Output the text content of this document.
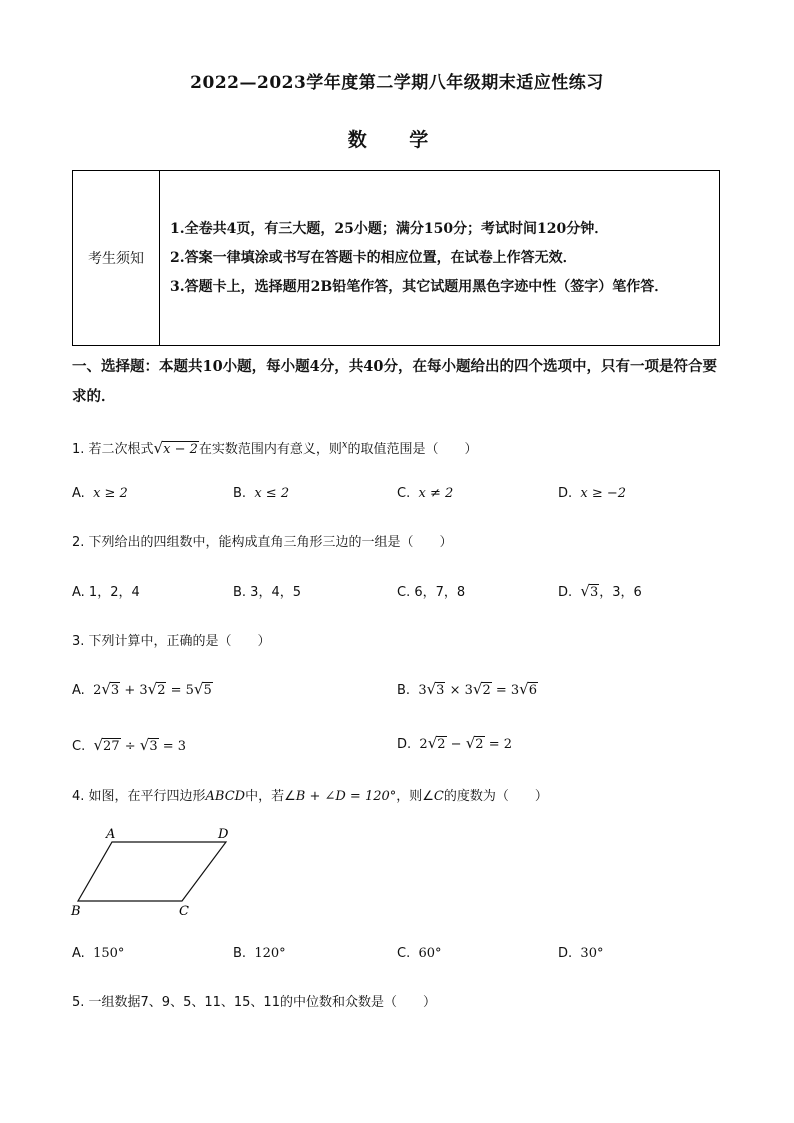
2022—2023学年度第二学期八年级期末适应性练习
数 学
考生须知	
1.全卷共4页，有三大题，25小题；满分150分；考试时间120分钟．
2.答案一律填涂或书写在答题卡的相应位置，在试卷上作答无效．
3.答题卡上，选择题用2B铅笔作答，其它试题用黑色字迹中性（签字）笔作答．
一、选择题：本题共10小题，每小题4分，共40分，在每小题给出的四个选项中，只有一项是符合要求的．
1. 若二次根式√x − 2在实数范围内有意义，则$^x$的取值范围是（　　）
A. x ≥ 2	B. x ≤ 2	C. x ≠ 2	D. x ≥ −2
2. 下列给出的四组数中，能构成直角三角形三边的一组是（　　）
A. 1，2，4	B. 3，4，5	C. 6，7，8	D. √3，3，6
3. 下列计算中，正确的是（　　）
A. 2√3 + 3√2 = 5√5	B. 3√3 × 3√2 = 3√6
C. √27 ÷ √3 = 3	D. 2√2 − √2 = 2
4. 如图，在平行四边形ABCD中，若∠B + ∠D = 120°，则∠C的度数为（　　）
A	D
B	C
A. 150°	B. 120°	C. 60°	D. 30°
5. 一组数据7、9、5、11、15、11的中位数和众数是（　　）
